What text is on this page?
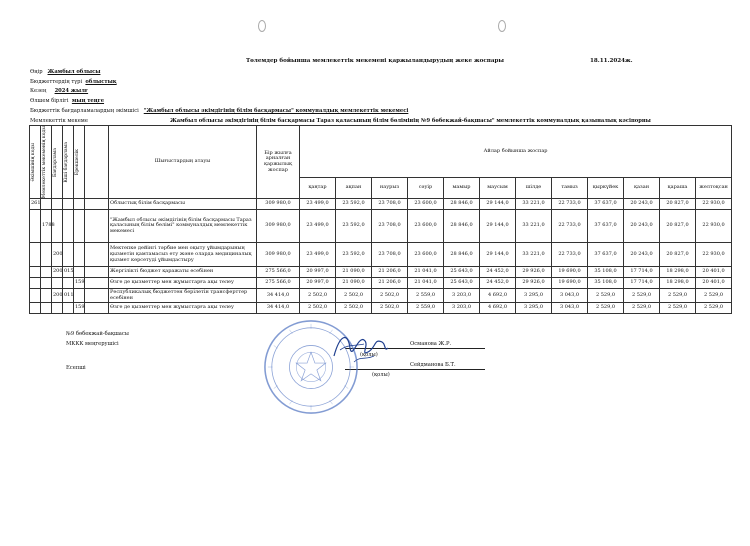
Төлемдер бойынша мемлекеттік мекемені қаржыландырудың жеке жоспары	18.11.2024ж.
Өңір Жамбыл облысы
Бюджеттердің түрі облыстық
Кезең 2024 жылғ
Өлшем бірлігі мың теңге
Бюджеттік бағдарламалардың әкімшісі "Жамбыл облысы әкімдігінің білім басқармасы" коммуналдық мемлекеттік мекемесі
Мемлекеттік мекеме	Жамбыл облысы әкімдігінің білім басқармасы Тараз қаласының білім бөлімінің №9 бөбекжай-бақшасы" мемлекеттік коммуналдық қазыналық кәсіпорны
Әкімшінің коды	Мемлекеттік мекеменің коды	Бағдарлама	Кіші бағдарлама	Ерекшелік		Шығыстардың атауы	Бір жылға арналған қаржылық жоспар	Айлар бойынша жоспар											
								қаңтар	ақпан	наурыз	сәуір	мамыр	маусым	шілде	тамыз	қыркүйек	қазан	қараша	желтоқсан
261						Облыстық білім басқармасы	309 980,0	23 499,0	23 592,0	23 708,0	23 600,0	28 846,0	29 144,0	33 221,0	22 733,0	37 637,0	20 243,0	20 827,0	22 930,0
	1788					"Жамбыл облысы әкімдігінің білім басқармасы Тараз қаласының білім бөлімі" коммуналдық мемлекеттік мекемесі	309 980,0	23 499,0	23 592,0	23 708,0	23 600,0	28 846,0	29 144,0	33 221,0	22 733,0	37 637,0	20 243,0	20 827,0	22 930,0
		200				Мектепке дейінгі тәрбие мен оқыту ұйымдарының қызметін қамтамасыз ету және оларда медициналық қызмет көрсетуді ұйымдастыру	309 980,0	23 499,0	23 592,0	23 708,0	23 600,0	28 846,0	29 144,0	33 221,0	22 733,0	37 637,0	20 243,0	20 827,0	22 930,0
		200	015			Жергілікті бюджет қаражаты есебінен	275 566,0	20 997,0	21 090,0	21 206,0	21 041,0	25 643,0	24 452,0	29 926,0	19 690,0	35 108,0	17 714,0	18 298,0	20 401,0
				159		Өзге де қызметтер мен жұмыстарға ақы төлеу	275 566,0	20 997,0	21 090,0	21 206,0	21 041,0	25 643,0	24 452,0	29 926,0	19 690,0	35 108,0	17 714,0	18 298,0	20 401,0
		200	011			Республикалық бюджеттен берілетін трансферттер есебінен	34 414,0	2 502,0	2 502,0	2 502,0	2 559,0	3 203,0	4 692,0	3 295,0	3 043,0	2 529,0	2 529,0	2 529,0	2 529,0
				159		Өзге де қызметтер мен жұмыстарға ақы төлеу	34 414,0	2 502,0	2 502,0	2 502,0	2 559,0	3 203,0	4 692,0	3 295,0	3 043,0	2 529,0	2 529,0	2 529,0	2 529,0
№9 бөбекжай-бақшасы
МККК меңгерушісі
Есепші
Османова Ж.Р.
(қолы)
Сейдманова Б.Т.
(қолы)
